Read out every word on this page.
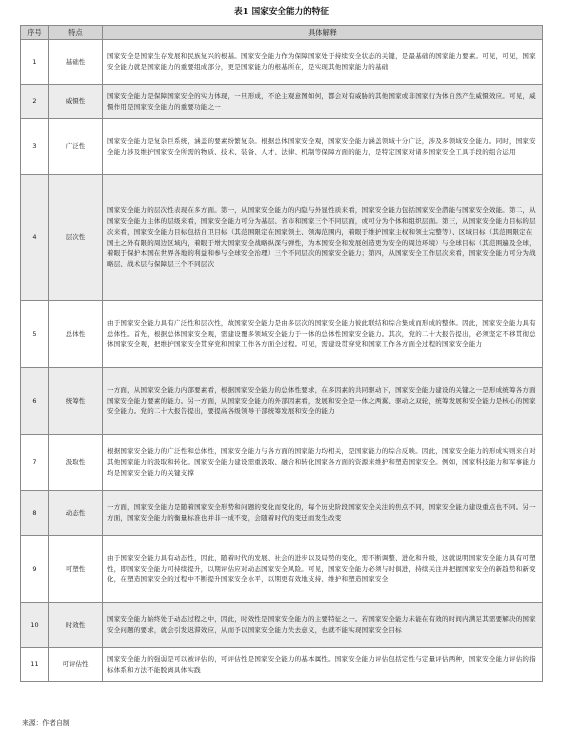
表1 国家安全能力的特征
序号	特点	具体解释
1	基础性	国家安全是国家生存发展和民族复兴的根基。国家安全能力作为保障国家处于持续安全状态的关键，是最基础的国家能力要素。可见，可见，国家安全能力就是国家能力的重要组成部分，更是国家能力的根基所在，是实现其他国家能力的基础
2	威慑性	国家安全能力是保障国家安全的实力体现，一旦形成，不论主观意图如何，都会对有威胁的其他国家或非国家行为体自然产生威慑效应。可见，威慑作用是国家安全能力的重要功能之一
3	广泛性	国家安全能力是复杂巨系统，涵盖的要素纷繁复杂。根据总体国家安全观，国家安全能力涵盖领域十分广泛，涉及多领域安全能力。同时，国家安全能力涉及维护国家安全所需的物质、技术、装备、人才、法律、机制等保障方面的能力，是特定国家对诸多国家安全工具手段的组合运用
4	层次性	国家安全能力的层次性表现在多方面。第一，从国家安全能力的内隐与外显性质来看，国家安全能力包括国家安全潜能与国家安全效能。第二，从国家安全能力主体的层级来看，国家安全能力可分为基层、省市和国家三个不同层面，或可分为个体和组织层面。第三，从国家安全能力目标的层次来看，国家安全能力目标包括自卫目标（其范围限定在国家领土、领海范围内，着眼于维护国家主权和领土完整等）、区域目标（其范围限定在国土之外有限的周边区域内，着眼于增大国家安全战略纵深与弹性，为本国安全和发展创造更为安全的周边环境）与全球目标（其范围遍及全球，着眼于保护本国在世界各地的利益和参与全球安全治理）三个不同层次的国家安全能力；第四，从国家安全工作层次来看，国家安全能力可分为战略层、战术层与保障层三个不同层次
5	总体性	由于国家安全能力具有广泛性和层次性，故国家安全能力是由多层次的国家安全能力彼此联结和综合集成而形成的整体。因此，国家安全能力具有总体性。首先，根据总体国家安全观，需建设覆多领域安全能力于一体的总体性国家安全能力。其次，党的二十大报告提出，必须坚定不移贯彻总体国家安全观，把维护国家安全贯穿党和国家工作各方面全过程。可见，需建设贯穿党和国家工作各方面全过程的国家安全能力
6	统筹性	一方面，从国家安全能力内部要素看，根据国家安全能力的总体性要求，在多因素的共同驱动下，国家安全能力建设的关键之一是形成统筹各方面国家安全能力要素的能力。另一方面，从国家安全能力的外部因素看，发展和安全是一体之两翼、驱动之双轮，统筹发展和安全能力是核心的国家安全能力。党的二十大报告提出，要提高各级领导干部统筹发展和安全的能力
7	汲取性	根据国家安全能力的广泛性和总体性，国家安全能力与各方面的国家能力均相关，是国家能力的综合反映。因此，国家安全能力的形成实则来自对其他国家能力的汲取和转化。国家安全能力建设需重汲取、融合和转化国家各方面的资源来维护和塑造国家安全。例如，国家科技能力和军事能力均是国家安全能力的关键支撑
8	动态性	一方面，国家安全能力是随着国家安全形势和问题的变化而变化的，每个历史阶段国家安全关注的焦点不同，国家安全能力建设重点也不同。另一方面，国家安全能力的衡量标准也并非一成不变，会随着时代的变迁而发生改变
9	可塑性	由于国家安全能力具有动态性，因此，随着时代的发展、社会的进步以及局势的变化，需不断调整、进化和升级，这就说明国家安全能力具有可塑性，即国家安全能力可持续提升，以期评估应对动态国家安全风险。可见，国家安全能力必须与时俱进，持续关注并把握国家安全的新趋势和新变化，在塑造国家安全的过程中不断提升国家安全水平，以期更有效地支持、维护和塑造国家安全
10	时效性	国家安全能力始终处于动态过程之中，因此，时效性是国家安全能力的主要特征之一。若国家安全能力未能在有效的时间内满足其需要解决的国家安全问题的要求，就会引发迟滞效应，从而予以国家安全能力失去意义，也就不能实现国家安全目标
11	可评估性	国家安全能力的强弱是可以被评估的，可评估性是国家安全能力的基本属性。国家安全能力评估包括定性与定量评估两种，国家安全能力评估的指标体系和方法不能脱离具体实践
来源：作者自制
